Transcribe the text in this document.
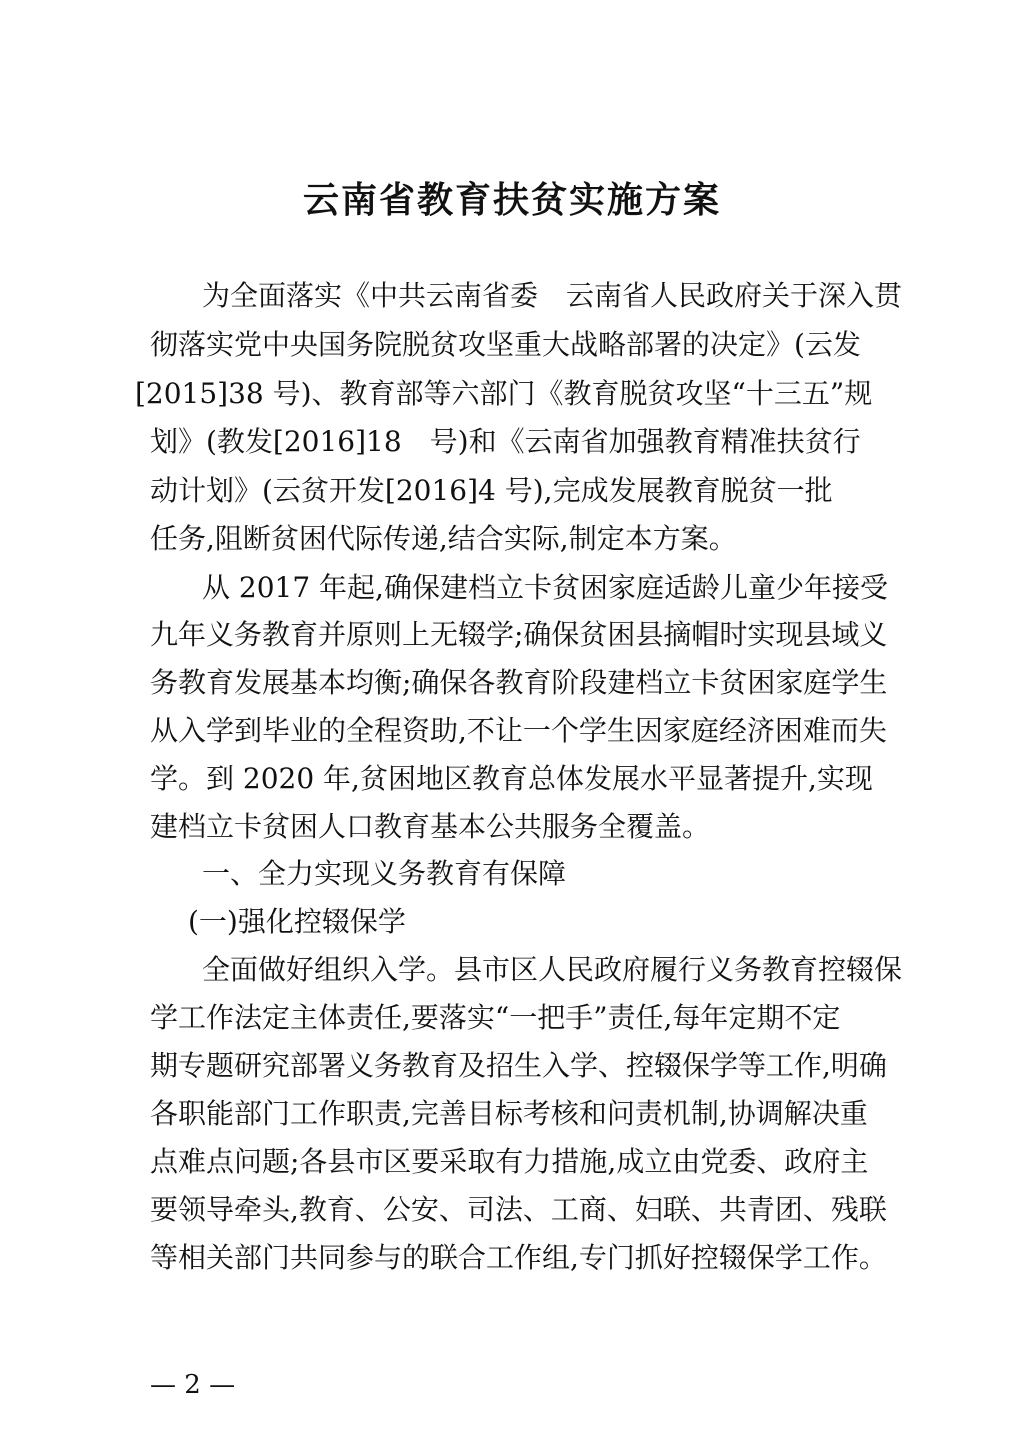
云南省教育扶贫实施方案

为全面落实《中共云南省委　云南省人民政府关于深入贯

彻落实党中央国务院脱贫攻坚重大战略部署的决定》(云发

[2015]38 号)、教育部等六部门《教育脱贫攻坚“十三五”规

划》(教发[2016]18　号)和《云南省加强教育精准扶贫行

动计划》(云贫开发[2016]4 号),完成发展教育脱贫一批

任务,阻断贫困代际传递,结合实际,制定本方案。

从 2017 年起,确保建档立卡贫困家庭适龄儿童少年接受

九年义务教育并原则上无辍学;确保贫困县摘帽时实现县域义

务教育发展基本均衡;确保各教育阶段建档立卡贫困家庭学生

从入学到毕业的全程资助,不让一个学生因家庭经济困难而失

学。到 2020 年,贫困地区教育总体发展水平显著提升,实现

建档立卡贫困人口教育基本公共服务全覆盖。

一、全力实现义务教育有保障

(一)强化控辍保学

全面做好组织入学。县市区人民政府履行义务教育控辍保

学工作法定主体责任,要落实“一把手”责任,每年定期不定

期专题研究部署义务教育及招生入学、控辍保学等工作,明确

各职能部门工作职责,完善目标考核和问责机制,协调解决重

点难点问题;各县市区要采取有力措施,成立由党委、政府主

要领导牵头,教育、公安、司法、工商、妇联、共青团、残联

等相关部门共同参与的联合工作组,专门抓好控辍保学工作。

— 2 —
